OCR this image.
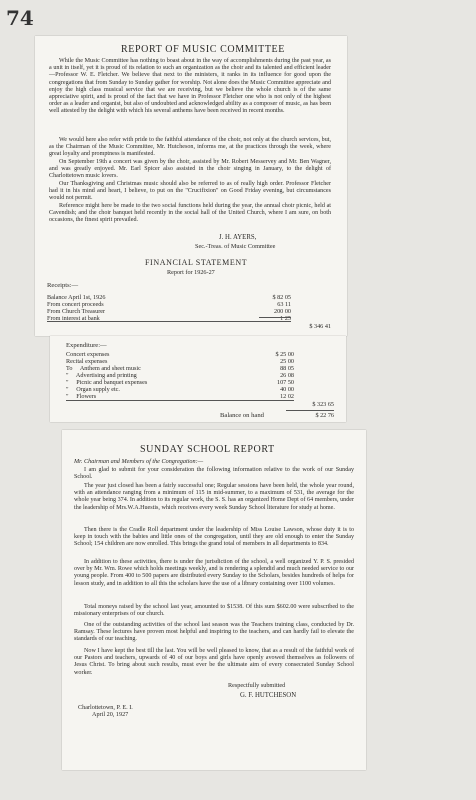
74
REPORT OF MUSIC COMMITTEE

While the Music Committee has nothing to boast about in the way of accomplishments during the past year, as a unit in itself, yet it is proud of its relation to such an organization as the choir and its talented and efficient leader—Professor W. E. Fletcher. We believe that next to the ministers, it ranks in its influence for good upon the congregations that from Sunday to Sunday gather for worship. Not alone does the Music Committee appreciate and enjoy the high class musical service that we are receiving, but we believe the whole church is of the same appreciative spirit, and is proud of the fact that we have in Professor Fletcher one who is not only of the highest order as a leader and organist, but also of undoubted and acknowledged ability as a composer of music, as has been well attested by the delight with which his several anthems have been received in recent months.

We would here also refer with pride to the faithful attendance of the choir, not only at the church services, but, as the Chairman of the Music Committee, Mr. Hutcheson, informs me, at the practices through the week, where great loyalty and promptness is manifested.

On September 19th a concert was given by the choir, assisted by Mr. Robert Messervey and Mr. Ben Wagner, and was greatly enjoyed. Mr. Earl Spicer also assisted in the choir singing in January, to the delight of Charlottetown music lovers.

Our Thanksgiving and Christmas music should also be referred to as of really high order. Professor Fletcher had it in his mind and heart, I believe, to put on the "Crucifixion" on Good Friday evening, but circumstances would not permit.

Reference might here be made to the two social functions held during the year, the annual choir picnic, held at Cavendish; and the choir banquet held recently in the social hall of the United Church, where I am sure, on both occasions, the finest spirit prevailed.

J. H. AYERS,
Sec.-Treas. of Music Committee
FINANCIAL STATEMENT
Report for 1926-27
Receipts:—
Balance April 1st, 1926	$ 82 05
From concert proceeds	63 11
From Church Treasurer	200 00
From interest at bank	1 25
$ 346 41
Expenditure:—
Concert expenses	$ 25 00
Recital expenses	25 00
To     Anthem and sheet music	88 05
"     Advertising and printing	26 08
"     Picnic and banquet expenses	107 50
"     Organ supply etc.	40 00
"     Flowers	12 02
$ 323 65
Balance on hand	$ 22 76
SUNDAY SCHOOL REPORT
Mr. Chairman and Members of the Congregation:—

I am glad to submit for your consideration the following information relative to the work of our Sunday School.

The year just closed has been a fairly successful one; Regular sessions have been held, the whole year round, with an attendance ranging from a minimum of 115 in mid-summer, to a maximum of 531, the average for the whole year being 374. In addition to its regular work, the S. S. has an organized Home Dept of 64 members, under the leadership of Mrs.W.A.Huestis, which receives every week Sunday School literature for study at home.

Then there is the Cradle Roll department under the leadership of Miss Louise Lawson, whose duty it is to keep in touch with the babies and little ones of the congregation, until they are old enough to enter the Sunday School; 154 children are now enrolled. This brings the grand total of members in all departments to 834.

In addition to these activities, there is under the jurisdiction of the school, a well organized Y. P. S. presided over by Mr. Wm. Rowe which holds meetings weekly, and is rendering a splendid and much needed service to our young people. From 400 to 500 papers are distributed every Sunday to the Scholars, besides hundreds of helps for lesson study, and in addition to all this the scholars have the use of a library containing over 1100 volumes.

Total moneys raised by the school last year, amounted to $1538. Of this sum $602.00 were subscribed to the missionary enterprises of our church.

One of the outstanding activities of the school last season was the Teachers training class, conducted by Dr. Ramsay. These lectures have proven most helpful and inspiring to the teachers, and can hardly fail to elevate the standards of our teaching.

Now I have kept the best till the last. You will be well pleased to know, that as a result of the faithful work of our Pastors and teachers, upwards of 40 of our boys and girls have openly avowed themselves as followers of Jesus Christ. To bring about such results, must ever be the ultimate aim of every consecrated Sunday School worker.

Respectfully submitted
G. F. HUTCHESON
Charlottetown, P. E. I.
April 20, 1927
